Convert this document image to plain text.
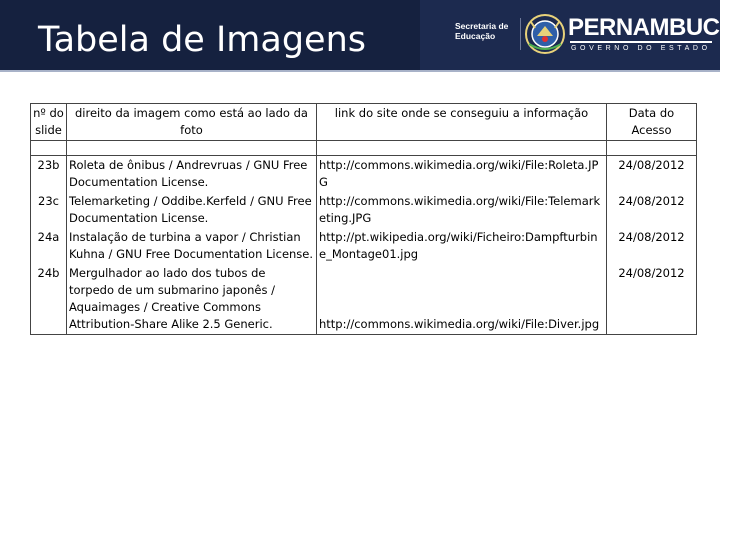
Tabela de Imagens	Secretaria de
Educação	PERNAMBUCO
GOVERNO DO ESTADO
nº do slide	direito da imagem como está ao lado da foto	link do site onde se conseguiu a informação	Data do Acesso

23b	Roleta de ônibus / Andrevruas / GNU Free Documentation License.	http://commons.wikimedia.org/wiki/File:Roleta.JPG	24/08/2012
23c	Telemarketing / Oddibe.Kerfeld / GNU Free Documentation License.	http://commons.wikimedia.org/wiki/File:Telemarketing.JPG	24/08/2012
24a	Instalação de turbina a vapor / Christian Kuhna / GNU Free Documentation License.	http://pt.wikipedia.org/wiki/Ficheiro:Dampfturbine_Montage01.jpg	24/08/2012
24b	Mergulhador ao lado dos tubos de torpedo de um submarino japonês / Aquaimages / Creative Commons Attribution-Share Alike 2.5 Generic.	http://commons.wikimedia.org/wiki/File:Diver.jpg	24/08/2012
